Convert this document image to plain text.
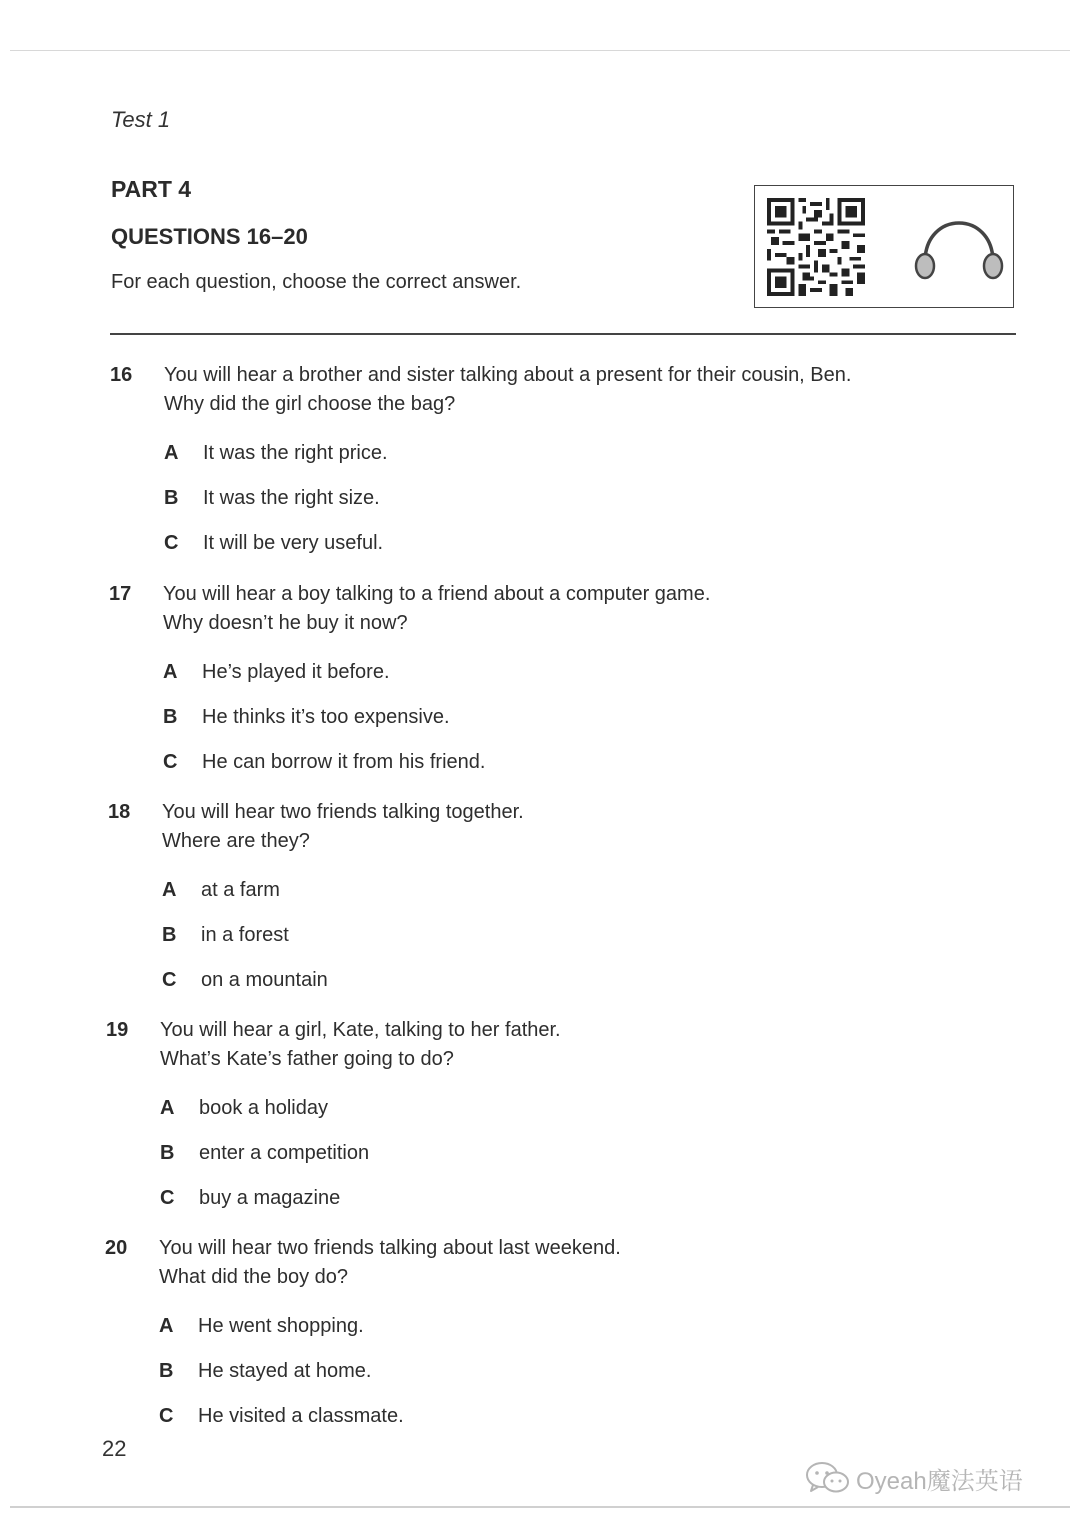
Test 1
PART 4
QUESTIONS 16–20
For each question, choose the correct answer.
16	You will hear a brother and sister talking about a present for their cousin, Ben.
Why did the girl choose the bag?
A It was the right price.
B It was the right size.
C It will be very useful.
17	You will hear a boy talking to a friend about a computer game.
Why doesn’t he buy it now?
A He’s played it before.
B He thinks it’s too expensive.
C He can borrow it from his friend.
18	You will hear two friends talking together.
Where are they?
A at a farm
B in a forest
C on a mountain
19	You will hear a girl, Kate, talking to her father.
What’s Kate’s father going to do?
A book a holiday
B enter a competition
C buy a magazine
20	You will hear two friends talking about last weekend.
What did the boy do?
A He went shopping.
B He stayed at home.
C He visited a classmate.
22
Oyeah魔法英语
